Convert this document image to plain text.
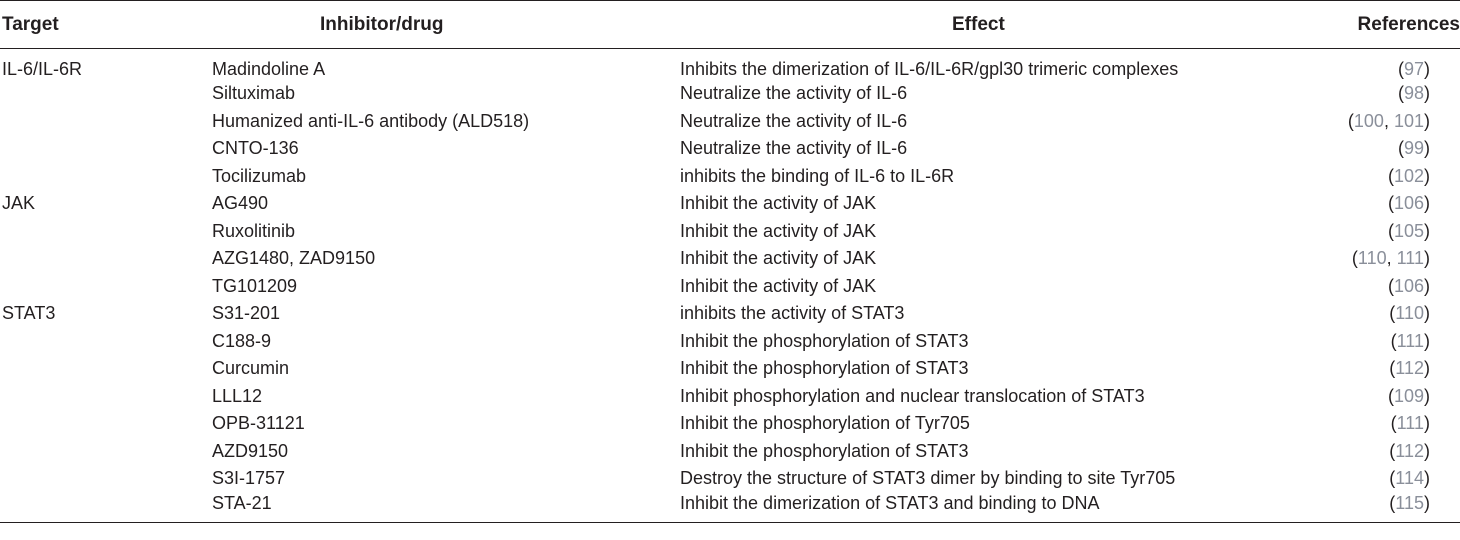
Target	Inhibitor/drug	Effect	References
IL-6/IL-6R	Madindoline A	Inhibits the dimerization of IL-6/IL-6R/gpl30 trimeric complexes	(97)
	Siltuximab	Neutralize the activity of IL-6	(98)
	Humanized anti-IL-6 antibody (ALD518)	Neutralize the activity of IL-6	(100, 101)
	CNTO-136	Neutralize the activity of IL-6	(99)
	Tocilizumab	inhibits the binding of IL-6 to IL-6R	(102)
JAK	AG490	Inhibit the activity of JAK	(106)
	Ruxolitinib	Inhibit the activity of JAK	(105)
	AZG1480, ZAD9150	Inhibit the activity of JAK	(110, 111)
	TG101209	Inhibit the activity of JAK	(106)
STAT3	S31-201	inhibits the activity of STAT3	(110)
	C188-9	Inhibit the phosphorylation of STAT3	(111)
	Curcumin	Inhibit the phosphorylation of STAT3	(112)
	LLL12	Inhibit phosphorylation and nuclear translocation of STAT3	(109)
	OPB-31121	Inhibit the phosphorylation of Tyr705	(111)
	AZD9150	Inhibit the phosphorylation of STAT3	(112)
	S3I-1757	Destroy the structure of STAT3 dimer by binding to site Tyr705	(114)
	STA-21	Inhibit the dimerization of STAT3 and binding to DNA	(115)
